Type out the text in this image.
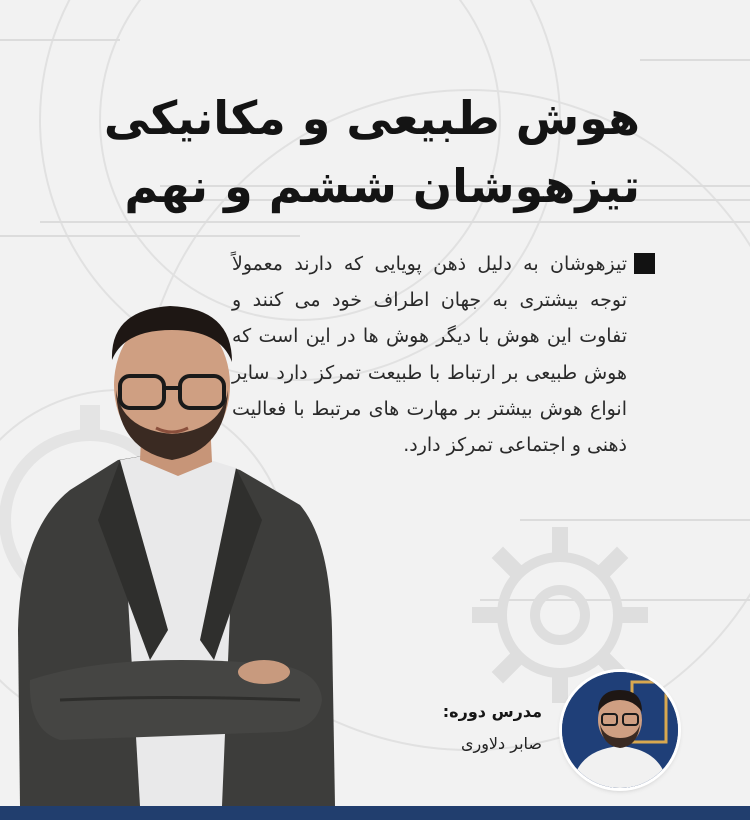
هوش طبیعی و مکانیکی
تیزهوشان ششم و نهم

تیزهوشان به دلیل ذهن پویایی که دارند معمولاً توجه بیشتری به جهان اطراف خود می کنند و تفاوت این هوش با دیگر هوش ها در این است که هوش طبیعی بر ارتباط با طبیعت تمرکز دارد سایر انواع هوش بیشتر بر مهارت های مرتبط با فعالیت ذهنی و اجتماعی تمرکز دارد.

مدرس دوره:
صابر دلاوری
